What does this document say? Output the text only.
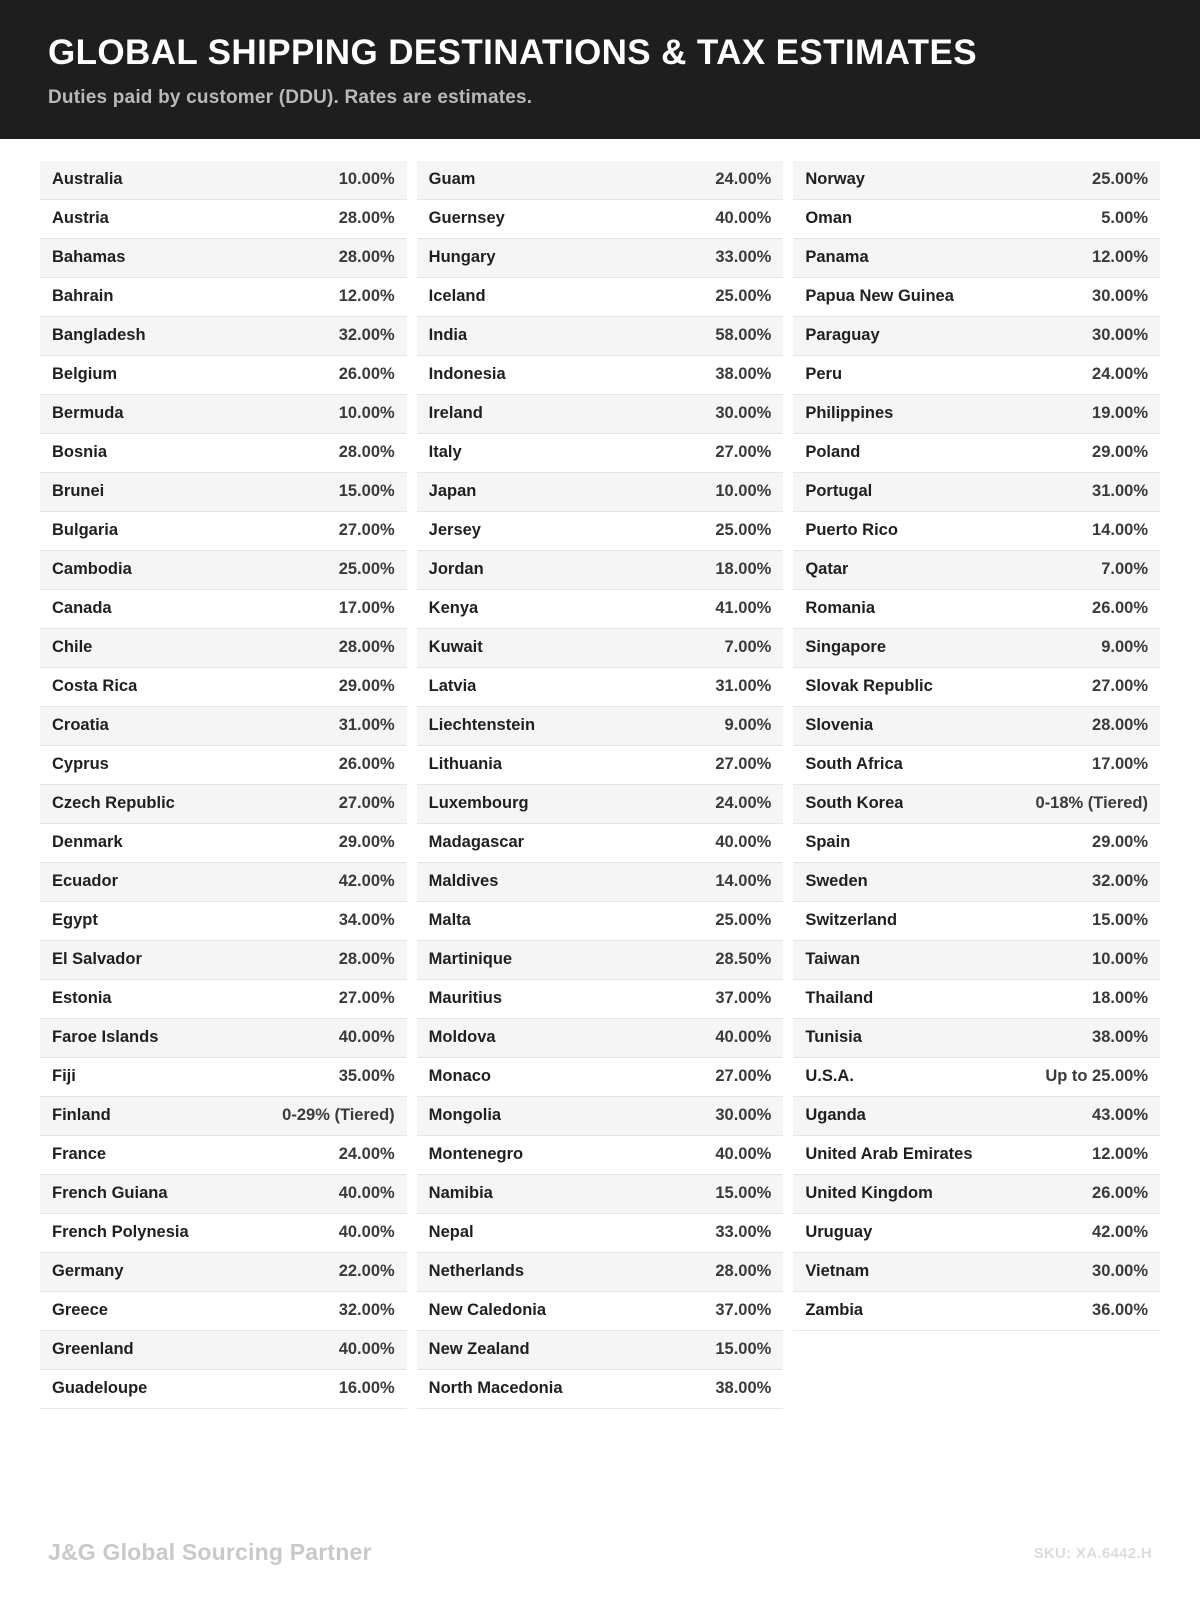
GLOBAL SHIPPING DESTINATIONS & TAX ESTIMATES

Duties paid by customer (DDU). Rates are estimates.

Australia	10.00%
Austria	28.00%
Bahamas	28.00%
Bahrain	12.00%
Bangladesh	32.00%
Belgium	26.00%
Bermuda	10.00%
Bosnia	28.00%
Brunei	15.00%
Bulgaria	27.00%
Cambodia	25.00%
Canada	17.00%
Chile	28.00%
Costa Rica	29.00%
Croatia	31.00%
Cyprus	26.00%
Czech Republic	27.00%
Denmark	29.00%
Ecuador	42.00%
Egypt	34.00%
El Salvador	28.00%
Estonia	27.00%
Faroe Islands	40.00%
Fiji	35.00%
Finland	0-29% (Tiered)
France	24.00%
French Guiana	40.00%
French Polynesia	40.00%
Germany	22.00%
Greece	32.00%
Greenland	40.00%
Guadeloupe	16.00%
Guam	24.00%
Guernsey	40.00%
Hungary	33.00%
Iceland	25.00%
India	58.00%
Indonesia	38.00%
Ireland	30.00%
Italy	27.00%
Japan	10.00%
Jersey	25.00%
Jordan	18.00%
Kenya	41.00%
Kuwait	7.00%
Latvia	31.00%
Liechtenstein	9.00%
Lithuania	27.00%
Luxembourg	24.00%
Madagascar	40.00%
Maldives	14.00%
Malta	25.00%
Martinique	28.50%
Mauritius	37.00%
Moldova	40.00%
Monaco	27.00%
Mongolia	30.00%
Montenegro	40.00%
Namibia	15.00%
Nepal	33.00%
Netherlands	28.00%
New Caledonia	37.00%
New Zealand	15.00%
North Macedonia	38.00%
Norway	25.00%
Oman	5.00%
Panama	12.00%
Papua New Guinea	30.00%
Paraguay	30.00%
Peru	24.00%
Philippines	19.00%
Poland	29.00%
Portugal	31.00%
Puerto Rico	14.00%
Qatar	7.00%
Romania	26.00%
Singapore	9.00%
Slovak Republic	27.00%
Slovenia	28.00%
South Africa	17.00%
South Korea	0-18% (Tiered)
Spain	29.00%
Sweden	32.00%
Switzerland	15.00%
Taiwan	10.00%
Thailand	18.00%
Tunisia	38.00%
U.S.A.	Up to 25.00%
Uganda	43.00%
United Arab Emirates	12.00%
United Kingdom	26.00%
Uruguay	42.00%
Vietnam	30.00%
Zambia	36.00%
J&G Global Sourcing Partner	SKU: XA.6442.H
